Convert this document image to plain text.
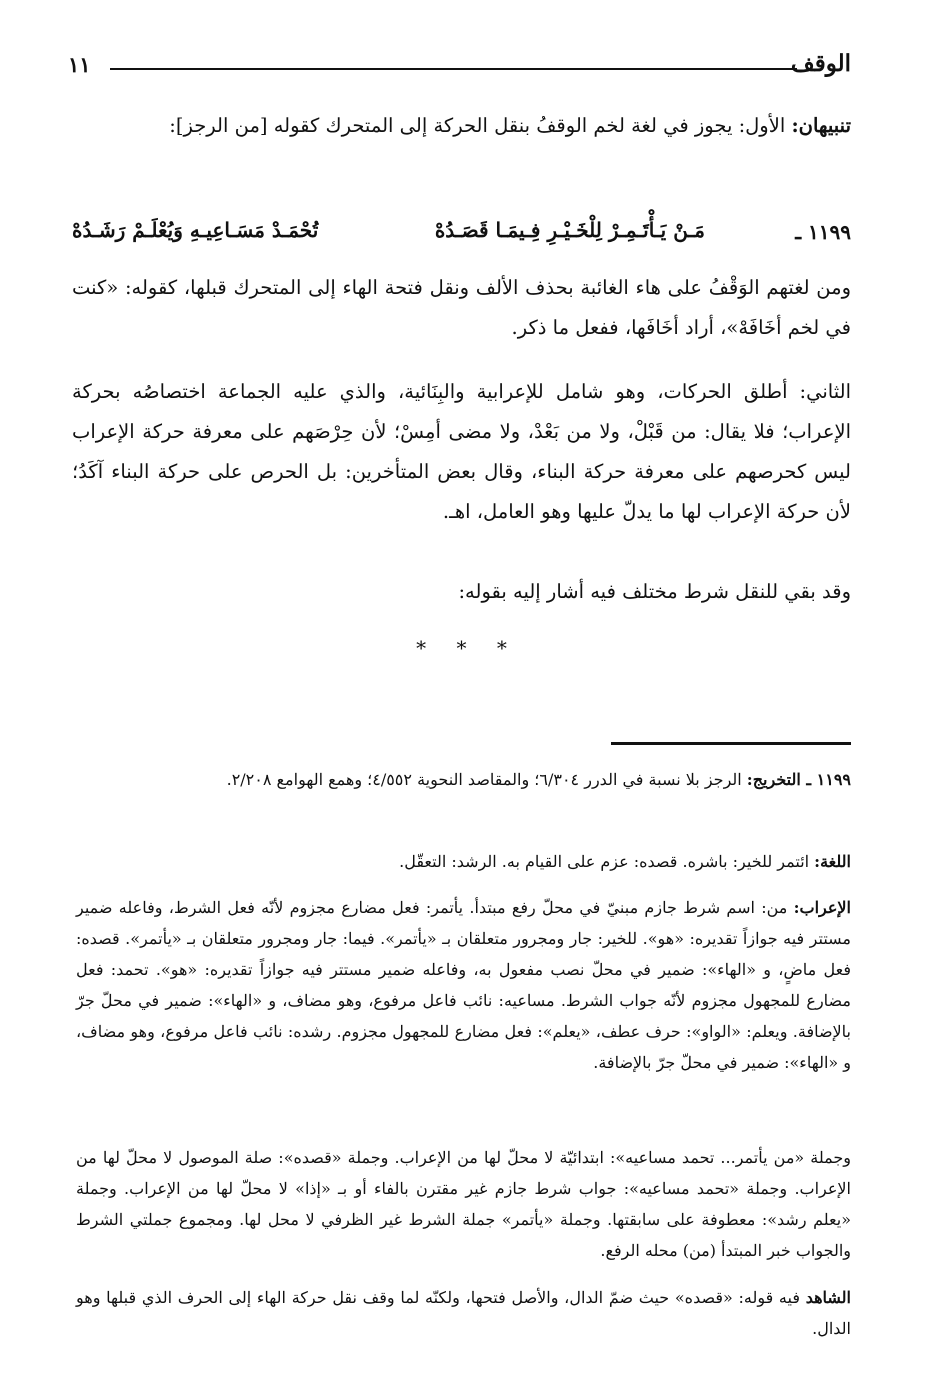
الوقف
١١

تنبيهان: الأول: يجوز في لغة لخم الوقفُ بنقل الحركة إلى المتحرك كقوله [من الرجز]:

١١٩٩ ـ
مَـنْ يَـأْتَـمِـرْ لِلْخَـيْـرِ فِـيمَـا قَصَـدُهْ
تُحْمَـدْ مَسَـاعِيـهِ وَيُعْلَـمْ رَشَـدُهْ

ومن لغتهم الوَقْفُ على هاء الغائبة بحذف الألف ونقل فتحة الهاء إلى المتحرك قبلها، كقوله: «كنت في لخم أخَافَهْ»، أراد أخَافَها، ففعل ما ذكر.

الثاني: أطلق الحركات، وهو شامل للإعرابية والبِنَائية، والذي عليه الجماعة اختصاصُه بحركة الإعراب؛ فلا يقال: من قَبْلْ، ولا من بَعْدْ، ولا مضى أمِسْ؛ لأن حِرْصَهم على معرفة حركة الإعراب ليس كحرصهم على معرفة حركة البناء، وقال بعض المتأخرين: بل الحرص على حركة البناء آكَدُ؛ لأن حركة الإعراب لها ما يدلّ عليها وهو العامل، اهـ.

وقد بقي للنقل شرط مختلف فيه أشار إليه بقوله:

* * *

١١٩٩ ـ التخريج: الرجز بلا نسبة في الدرر ٦/٣٠٤؛ والمقاصد النحوية ٤/٥٥٢؛ وهمع الهوامع ٢/٢٠٨.

اللغة: ائتمر للخير: باشره. قصده: عزم على القيام به. الرشد: التعقّل.

الإعراب: من: اسم شرط جازم مبنيّ في محلّ رفع مبتدأ. يأتمر: فعل مضارع مجزوم لأنّه فعل الشرط، وفاعله ضمير مستتر فيه جوازاً تقديره: «هو». للخير: جار ومجرور متعلقان بـ «يأتمر». فيما: جار ومجرور متعلقان بـ «يأتمر». قصده: فعل ماضٍ، و «الهاء»: ضمير في محلّ نصب مفعول به، وفاعله ضمير مستتر فيه جوازاً تقديره: «هو». تحمد: فعل مضارع للمجهول مجزوم لأنّه جواب الشرط. مساعيه: نائب فاعل مرفوع، وهو مضاف، و «الهاء»: ضمير في محلّ جرّ بالإضافة. ويعلم: «الواو»: حرف عطف، «يعلم»: فعل مضارع للمجهول مجزوم. رشده: نائب فاعل مرفوع، وهو مضاف، و «الهاء»: ضمير في محلّ جرّ بالإضافة.

وجملة «من يأتمر... تحمد مساعيه»: ابتدائيّة لا محلّ لها من الإعراب. وجملة «قصده»: صلة الموصول لا محلّ لها من الإعراب. وجملة «تحمد مساعيه»: جواب شرط جازم غير مقترن بالفاء أو بـ «إذا» لا محلّ لها من الإعراب. وجملة «يعلم رشد»: معطوفة على سابقتها. وجملة «يأتمر» جملة الشرط غير الظرفي لا محل لها. ومجموع جملتي الشرط والجواب خبر المبتدأ (من) محله الرفع.

الشاهد فيه قوله: «قصده» حيث ضمّ الدال، والأصل فتحها، ولكنّه لما وقف نقل حركة الهاء إلى الحرف الذي قبلها وهو الدال.
